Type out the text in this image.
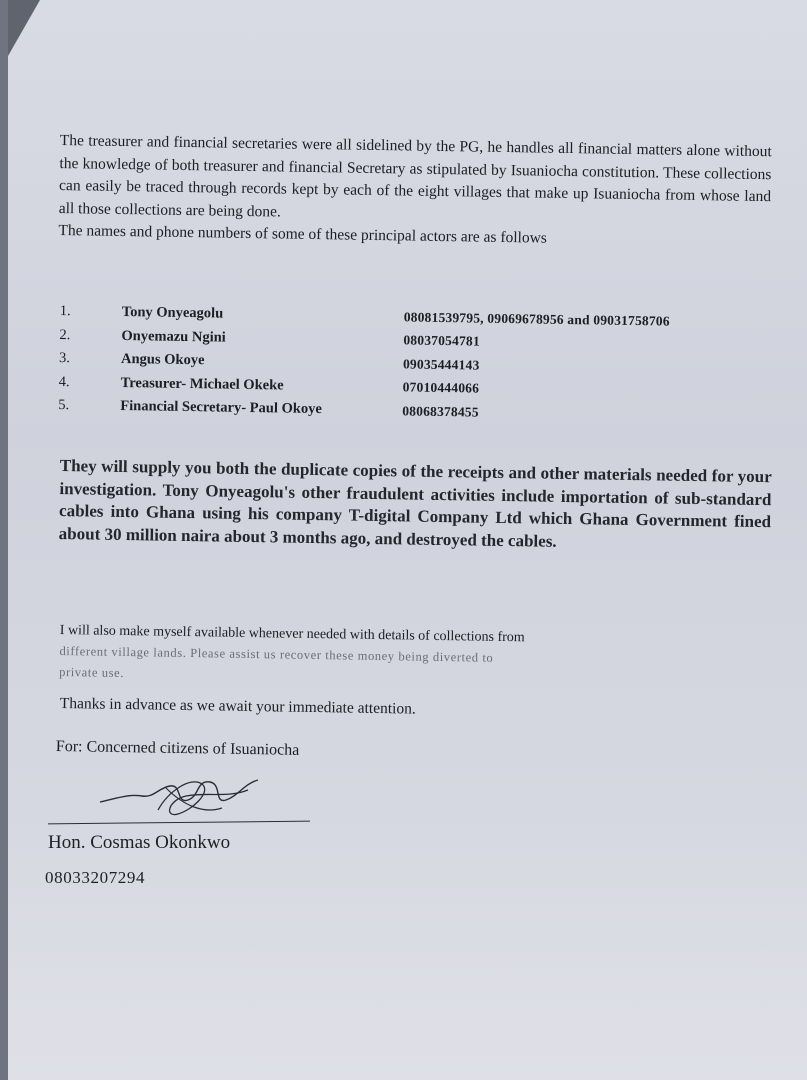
The treasurer and financial secretaries were all sidelined by the PG, he handles all financial matters alone without the knowledge of both treasurer and financial Secretary as stipulated by Isuaniocha constitution. These collections can easily be traced through records kept by each of the eight villages that make up Isuaniocha from whose land all those collections are being done.

The names and phone numbers of some of these principal actors are as follows

1.	Tony Onyeagolu	08081539795, 09069678956 and 09031758706
2.	Onyemazu Ngini	08037054781
3.	Angus Okoye	09035444143
4.	Treasurer- Michael Okeke	07010444066
5.	Financial Secretary- Paul Okoye	08068378455
They will supply you both the duplicate copies of the receipts and other materials needed for your investigation. Tony Onyeagolu's other fraudulent activities include importation of sub-standard cables into Ghana using his company T-digital Company Ltd which Ghana Government fined about 30 million naira about 3 months ago, and destroyed the cables.
I will also make myself available whenever needed with details of collections from
different village lands. Please assist us recover these money being diverted to
private use.
Thanks in advance as we await your immediate attention.
For: Concerned citizens of Isuaniocha
Hon. Cosmas Okonkwo
08033207294
